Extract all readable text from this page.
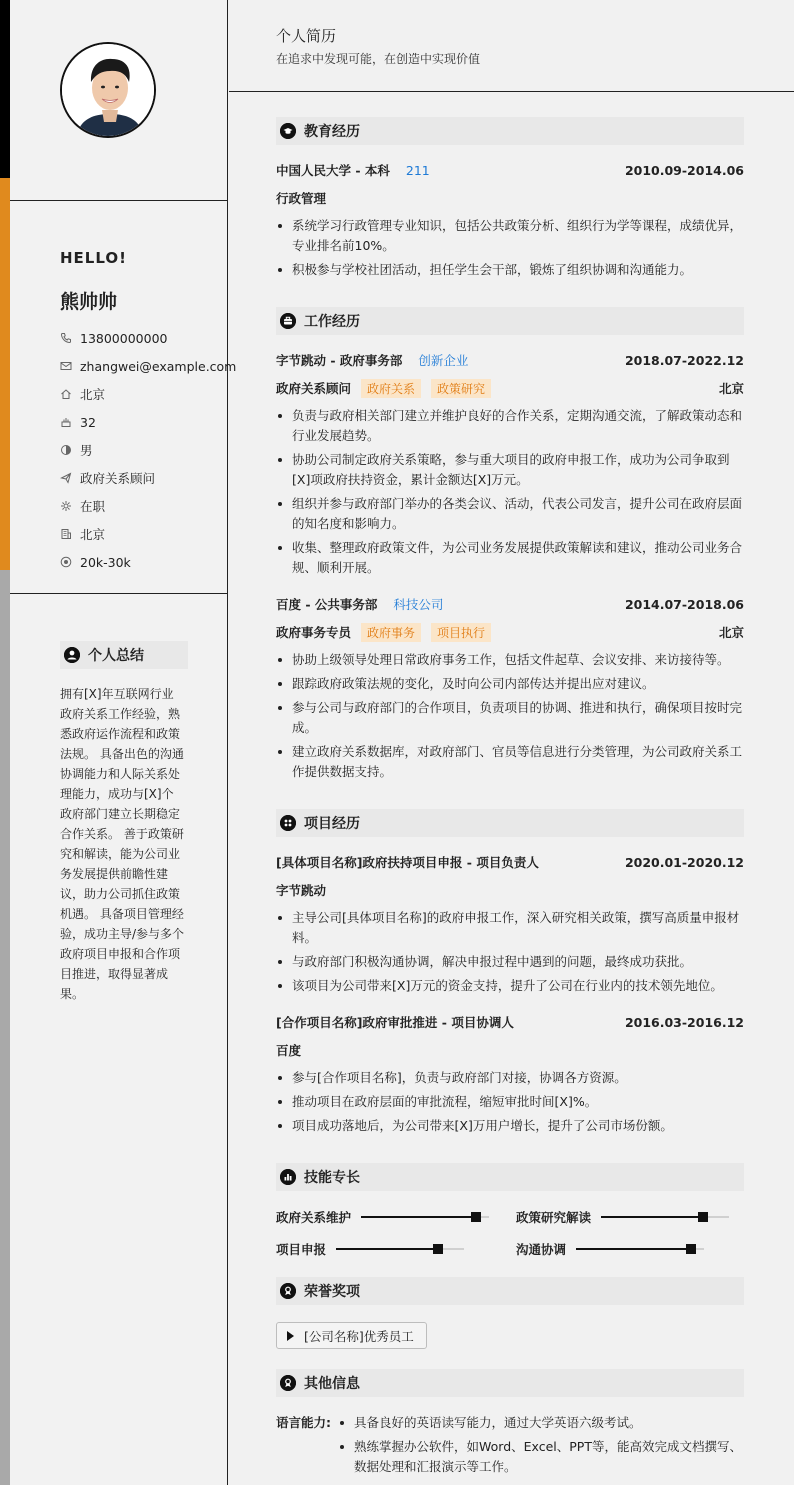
HELLO!
熊帅帅
13800000000
zhangwei@example.com
北京
32
男
政府关系顾问
在职
北京
20k-30k
个人总结
拥有[X]年互联网行业政府关系工作经验，熟悉政府运作流程和政策法规。 具备出色的沟通协调能力和人际关系处理能力，成功与[X]个政府部门建立长期稳定合作关系。 善于政策研究和解读，能为公司业务发展提供前瞻性建议，助力公司抓住政策机遇。 具备项目管理经验，成功主导/参与多个政府项目申报和合作项目推进，取得显著成果。
个人简历
在追求中发现可能，在创造中实现价值
教育经历
中国人民大学 - 本科 211	2010.09-2014.06
行政管理
系统学习行政管理专业知识，包括公共政策分析、组织行为学等课程，成绩优异，专业排名前10%。
积极参与学校社团活动，担任学生会干部，锻炼了组织协调和沟通能力。
工作经历
字节跳动 - 政府事务部 创新企业	2018.07-2022.12
政府关系顾问	政府关系	政策研究	北京
负责与政府相关部门建立并维护良好的合作关系，定期沟通交流，了解政策动态和行业发展趋势。
协助公司制定政府关系策略，参与重大项目的政府申报工作，成功为公司争取到[X]项政府扶持资金，累计金额达[X]万元。
组织并参与政府部门举办的各类会议、活动，代表公司发言，提升公司在政府层面的知名度和影响力。
收集、整理政府政策文件，为公司业务发展提供政策解读和建议，推动公司业务合规、顺利开展。
百度 - 公共事务部 科技公司	2014.07-2018.06
政府事务专员	政府事务	项目执行	北京
协助上级领导处理日常政府事务工作，包括文件起草、会议安排、来访接待等。
跟踪政府政策法规的变化，及时向公司内部传达并提出应对建议。
参与公司与政府部门的合作项目，负责项目的协调、推进和执行，确保项目按时完成。
建立政府关系数据库，对政府部门、官员等信息进行分类管理，为公司政府关系工作提供数据支持。
项目经历
[具体项目名称]政府扶持项目申报 - 项目负责人	2020.01-2020.12
字节跳动
主导公司[具体项目名称]的政府申报工作，深入研究相关政策，撰写高质量申报材料。
与政府部门积极沟通协调，解决申报过程中遇到的问题，最终成功获批。
该项目为公司带来[X]万元的资金支持，提升了公司在行业内的技术领先地位。
[合作项目名称]政府审批推进 - 项目协调人	2016.03-2016.12
百度
参与[合作项目名称]，负责与政府部门对接，协调各方资源。
推动项目在政府层面的审批流程，缩短审批时间[X]%。
项目成功落地后，为公司带来[X]万用户增长，提升了公司市场份额。
技能专长
政府关系维护	政策研究解读
项目申报	沟通协调
荣誉奖项
[公司名称]优秀员工
其他信息
语言能力:	具备良好的英语读写能力，通过大学英语六级考试。
熟练掌握办公软件，如Word、Excel、PPT等，能高效完成文档撰写、数据处理和汇报演示等工作。
